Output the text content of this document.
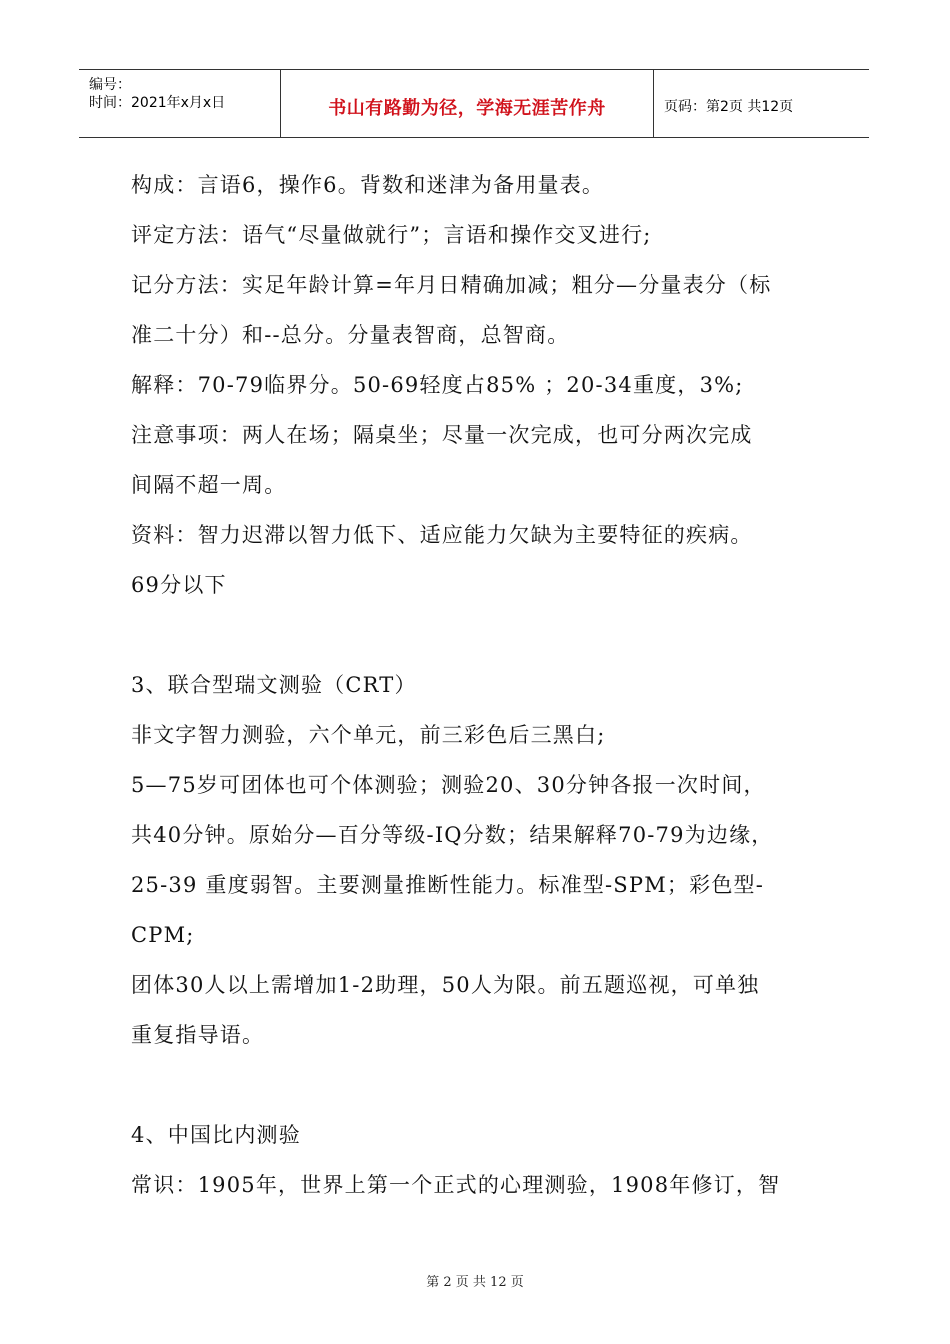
编号：
时间：2021年x月x日	书山有路勤为径，学海无涯苦作舟	页码：第2页 共12页
构成：言语6，操作6。背数和迷津为备用量表。
评定方法：语气“尽量做就行”；言语和操作交叉进行;
记分方法：实足年龄计算=年月日精确加减；粗分—分量表分（标
准二十分）和--总分。分量表智商，总智商。
解释：70-79临界分。50-69轻度占85% ；20-34重度，3%;
注意事项：两人在场；隔桌坐；尽量一次完成，也可分两次完成
间隔不超一周。
资料：智力迟滞以智力低下、适应能力欠缺为主要特征的疾病。
69分以下
3、联合型瑞文测验（CRT）
非文字智力测验，六个单元，前三彩色后三黑白;
5—75岁可团体也可个体测验；测验20、30分钟各报一次时间，
共40分钟。原始分—百分等级-IQ分数；结果解释70-79为边缘，
25-39 重度弱智。主要测量推断性能力。标准型-SPM；彩色型-
CPM;
团体30人以上需增加1-2助理，50人为限。前五题巡视，可单独
重复指导语。
4、中国比内测验
常识：1905年，世界上第一个正式的心理测验，1908年修订，智
第 2 页 共 12 页
